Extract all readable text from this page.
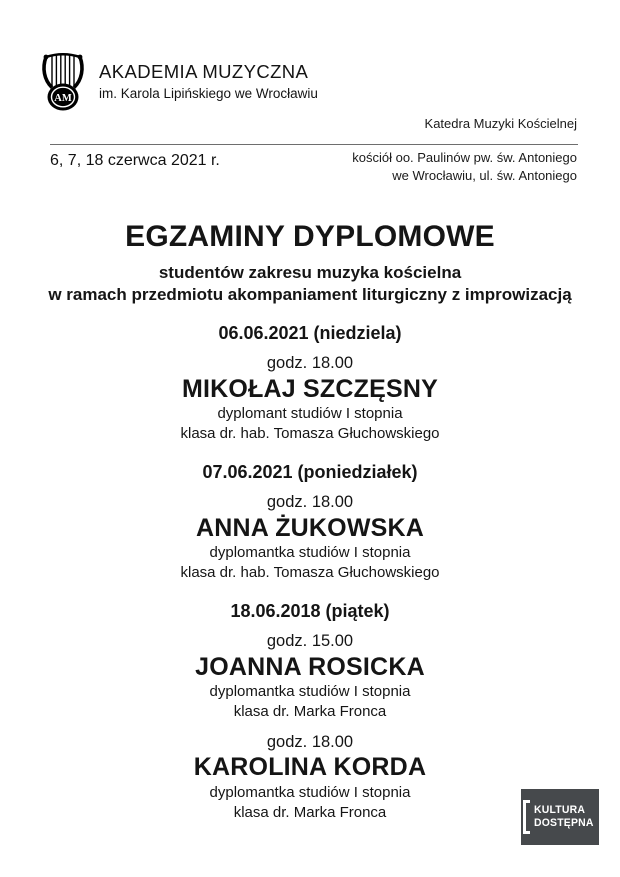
AM
AKADEMIA MUZYCZNA
im. Karola Lipińskiego we Wrocławiu
Katedra Muzyki Kościelnej
6, 7, 18 czerwca 2021 r.	kościół oo. Paulinów pw. św. Antoniego
we Wrocławiu, ul. św. Antoniego
EGZAMINY DYPLOMOWE
studentów zakresu muzyka kościelna
w ramach przedmiotu akompaniament liturgiczny z improwizacją
06.06.2021 (niedziela)
godz. 18.00
MIKOŁAJ SZCZĘSNY
dyplomant studiów I stopnia
klasa dr. hab. Tomasza Głuchowskiego
07.06.2021 (poniedziałek)
godz. 18.00
ANNA ŻUKOWSKA
dyplomantka studiów I stopnia
klasa dr. hab. Tomasza Głuchowskiego
18.06.2018 (piątek)
godz. 15.00
JOANNA ROSICKA
dyplomantka studiów I stopnia
klasa dr. Marka Fronca
godz. 18.00
KAROLINA KORDA
dyplomantka studiów I stopnia
klasa dr. Marka Fronca	KULTURA
DOSTĘPNA
